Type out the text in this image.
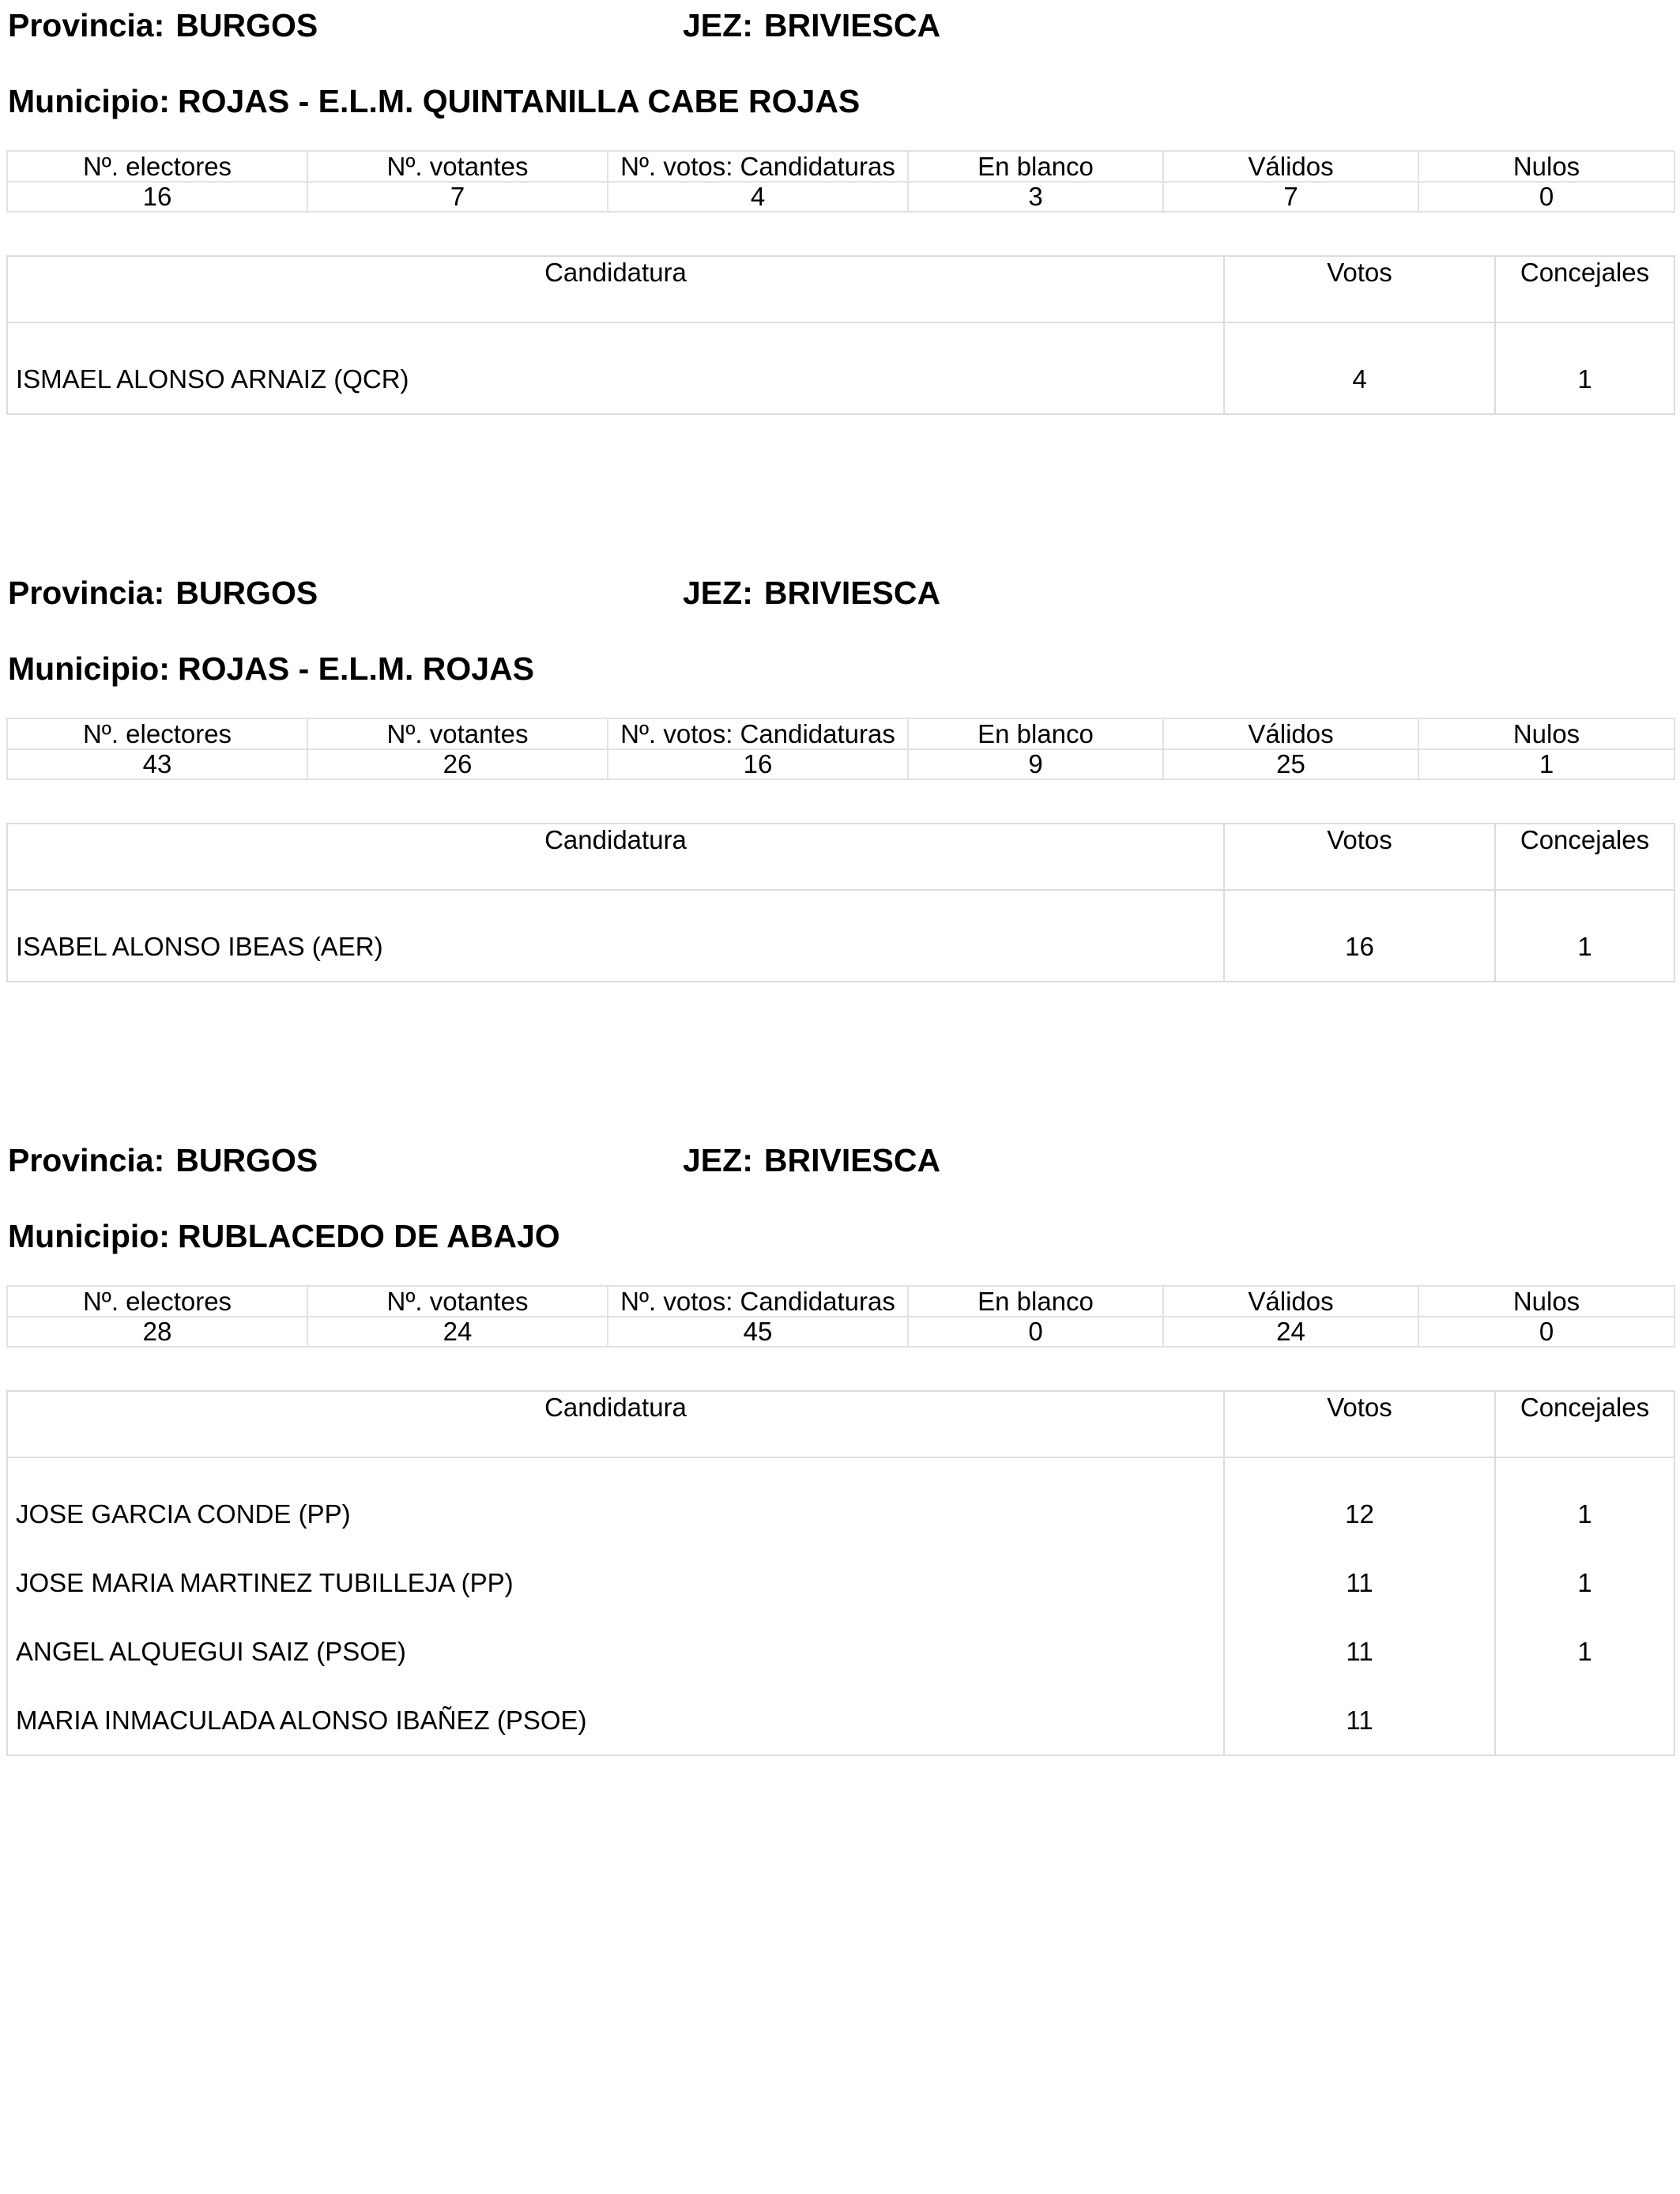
Provincia: BURGOS	JEZ: BRIVIESCA
Municipio: ROJAS - E.L.M. QUINTANILLA CABE ROJAS
Nº. electores	Nº. votantes	Nº. votos: Candidaturas	En blanco	Válidos	Nulos
16	7	4	3	7	0
Candidatura	Votos	Concejales
ISMAEL ALONSO ARNAIZ (QCR)	4	1
Provincia: BURGOS	JEZ: BRIVIESCA
Municipio: ROJAS - E.L.M. ROJAS
Nº. electores	Nº. votantes	Nº. votos: Candidaturas	En blanco	Válidos	Nulos
43	26	16	9	25	1
Candidatura	Votos	Concejales
ISABEL ALONSO IBEAS (AER)	16	1
Provincia: BURGOS	JEZ: BRIVIESCA
Municipio: RUBLACEDO DE ABAJO
Nº. electores	Nº. votantes	Nº. votos: Candidaturas	En blanco	Válidos	Nulos
28	24	45	0	24	0
Candidatura	Votos	Concejales
JOSE GARCIA CONDE (PP)	12	1
JOSE MARIA MARTINEZ TUBILLEJA (PP)	11	1
ANGEL ALQUEGUI SAIZ (PSOE)	11	1
MARIA INMACULADA ALONSO IBAÑEZ (PSOE)	11	
